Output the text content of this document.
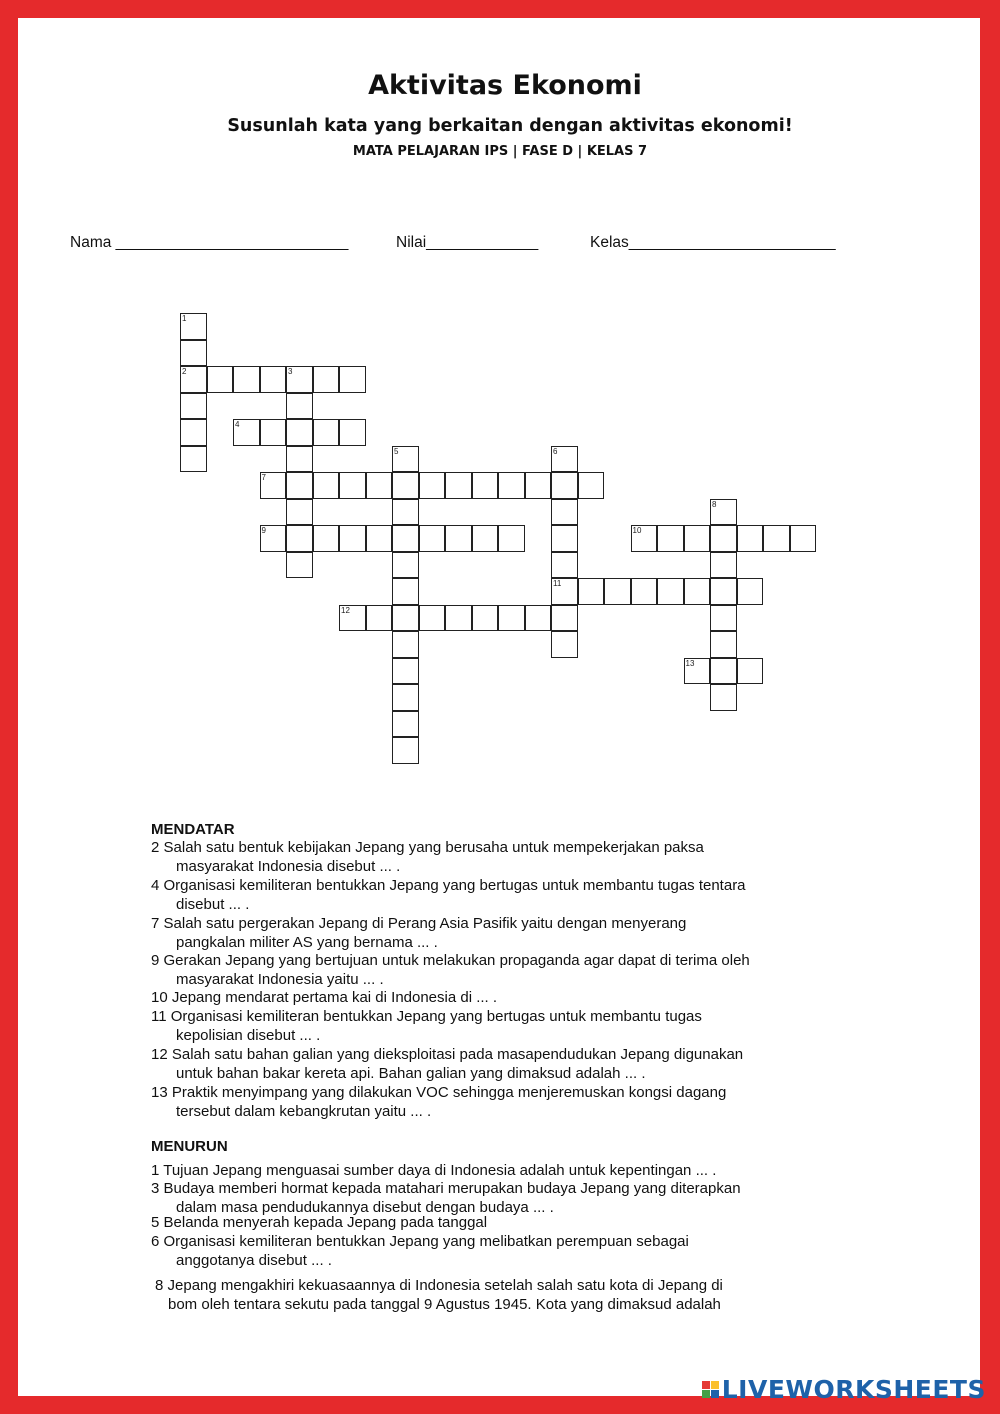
Aktivitas Ekonomi
Susunlah kata yang berkaitan dengan aktivitas ekonomi!
MATA PELAJARAN IPS | FASE D | KELAS 7
Nama ___________________________	Nilai_____________	Kelas________________________
1
2	3
4
5	6
7
8
9	10
11
12
13
MENDATAR
2 Salah satu bentuk kebijakan Jepang yang berusaha untuk mempekerjakan paksa
masyarakat Indonesia disebut ... .
4 Organisasi kemiliteran bentukkan Jepang yang bertugas untuk membantu tugas tentara
disebut ... .
7 Salah satu pergerakan Jepang di Perang Asia Pasifik yaitu dengan menyerang
pangkalan militer AS yang bernama ... .
9 Gerakan Jepang yang bertujuan untuk melakukan propaganda agar dapat di terima oleh
masyarakat Indonesia yaitu ... .
10 Jepang mendarat pertama kai di Indonesia di ... .
11 Organisasi kemiliteran bentukkan Jepang yang bertugas untuk membantu tugas
kepolisian disebut ... .
12 Salah satu bahan galian yang dieksploitasi pada masapendudukan Jepang digunakan
untuk bahan bakar kereta api. Bahan galian yang dimaksud adalah ... .
13 Praktik menyimpang yang dilakukan VOC sehingga menjeremuskan kongsi dagang
tersebut dalam kebangkrutan yaitu ... .
MENURUN
1 Tujuan Jepang menguasai sumber daya di Indonesia adalah untuk kepentingan ... .
3 Budaya memberi hormat kepada matahari merupakan budaya Jepang yang diterapkan
dalam masa pendudukannya disebut dengan budaya ... .
5 Belanda menyerah kepada Jepang pada tanggal
6 Organisasi kemiliteran bentukkan Jepang yang melibatkan perempuan sebagai
anggotanya disebut ... .
8 Jepang mengakhiri kekuasaannya di Indonesia setelah salah satu kota di Jepang di
bom oleh tentara sekutu pada tanggal 9 Agustus 1945. Kota yang dimaksud adalah
LIVEWORKSHEETS
